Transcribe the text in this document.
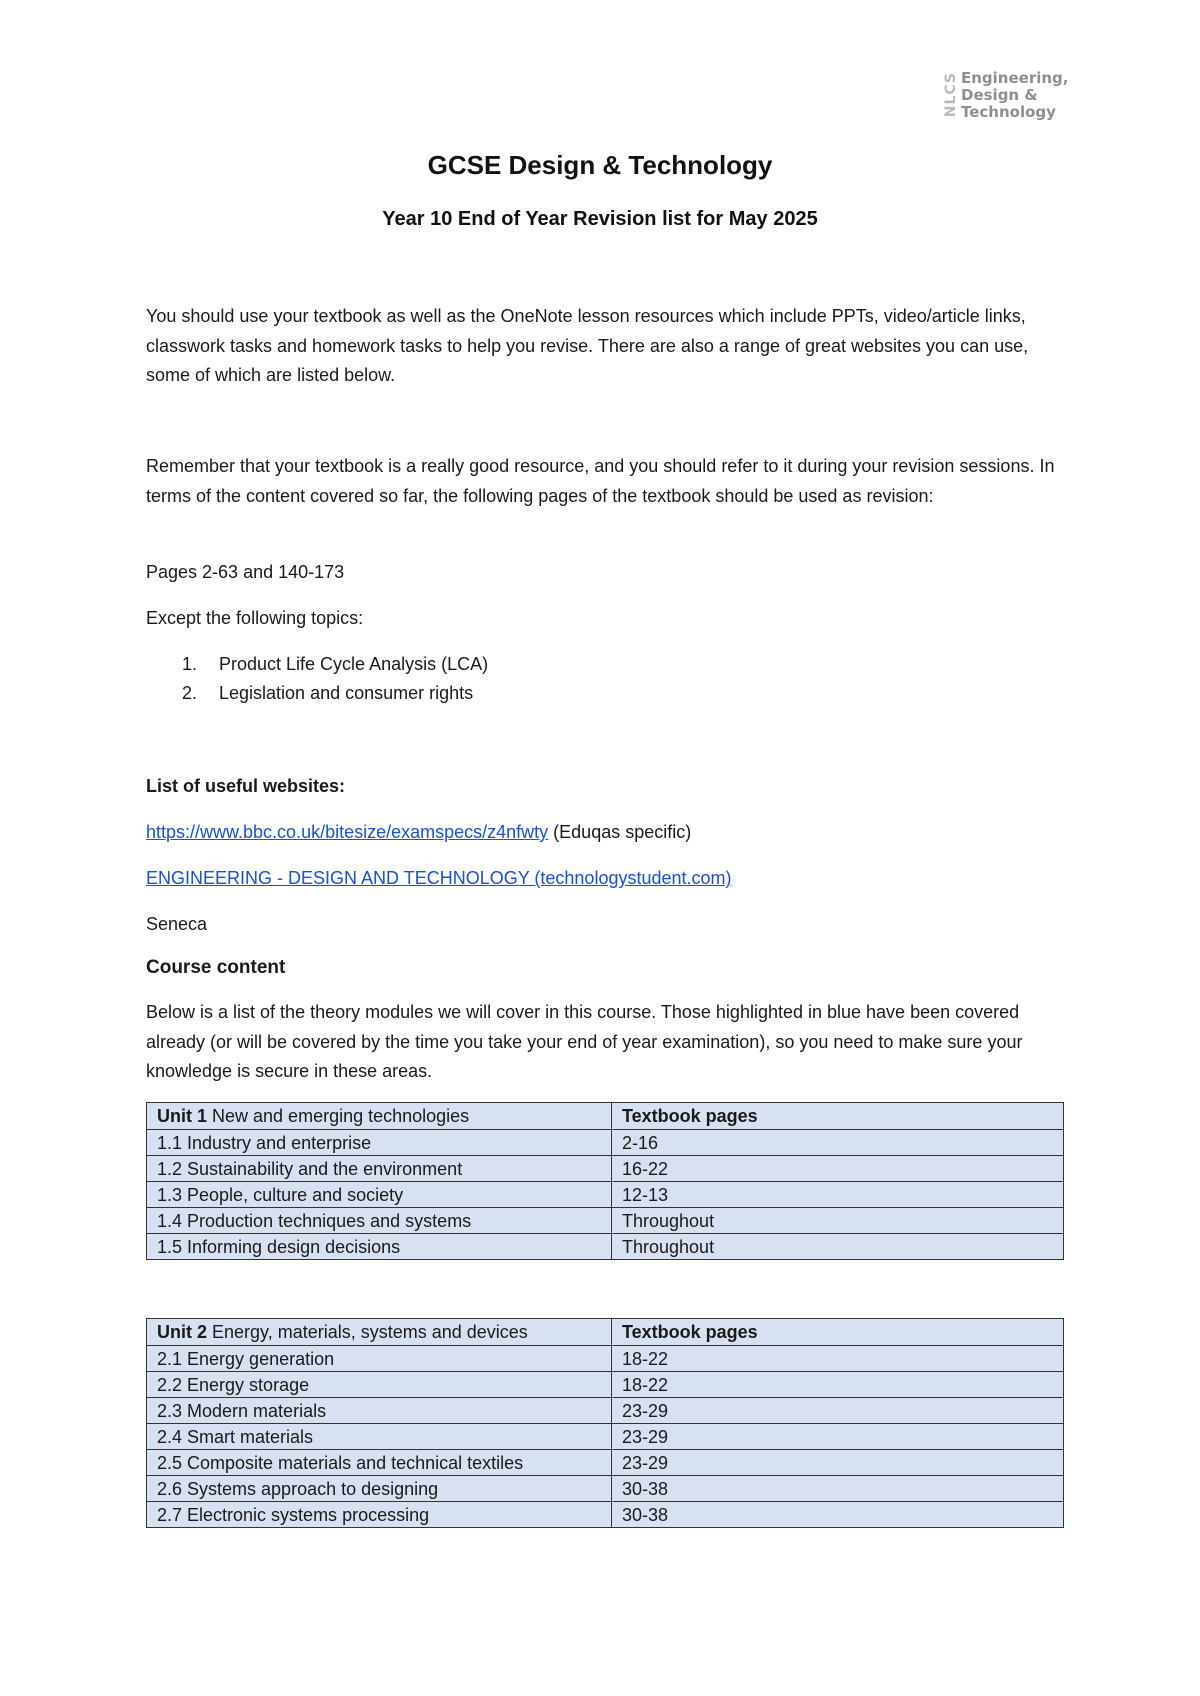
NLCS Engineering,
Design &
Technology
GCSE Design & Technology
Year 10 End of Year Revision list for May 2025
You should use your textbook as well as the OneNote lesson resources which include PPTs, video/article links, classwork tasks and homework tasks to help you revise. There are also a range of great websites you can use, some of which are listed below.
Remember that your textbook is a really good resource, and you should refer to it during your revision sessions. In terms of the content covered so far, the following pages of the textbook should be used as revision:
Pages 2-63 and 140-173
Except the following topics:
1.	Product Life Cycle Analysis (LCA)
2.	Legislation and consumer rights
List of useful websites:
https://www.bbc.co.uk/bitesize/examspecs/z4nfwty (Eduqas specific)
ENGINEERING - DESIGN AND TECHNOLOGY (technologystudent.com)
Seneca
Course content
Below is a list of the theory modules we will cover in this course. Those highlighted in blue have been covered already (or will be covered by the time you take your end of year examination), so you need to make sure your knowledge is secure in these areas.
Unit 1 New and emerging technologies	Textbook pages
1.1 Industry and enterprise	2-16
1.2 Sustainability and the environment	16-22
1.3 People, culture and society	12-13
1.4 Production techniques and systems	Throughout
1.5 Informing design decisions	Throughout
Unit 2 Energy, materials, systems and devices	Textbook pages
2.1 Energy generation	18-22
2.2 Energy storage	18-22
2.3 Modern materials	23-29
2.4 Smart materials	23-29
2.5 Composite materials and technical textiles	23-29
2.6 Systems approach to designing	30-38
2.7 Electronic systems processing	30-38
